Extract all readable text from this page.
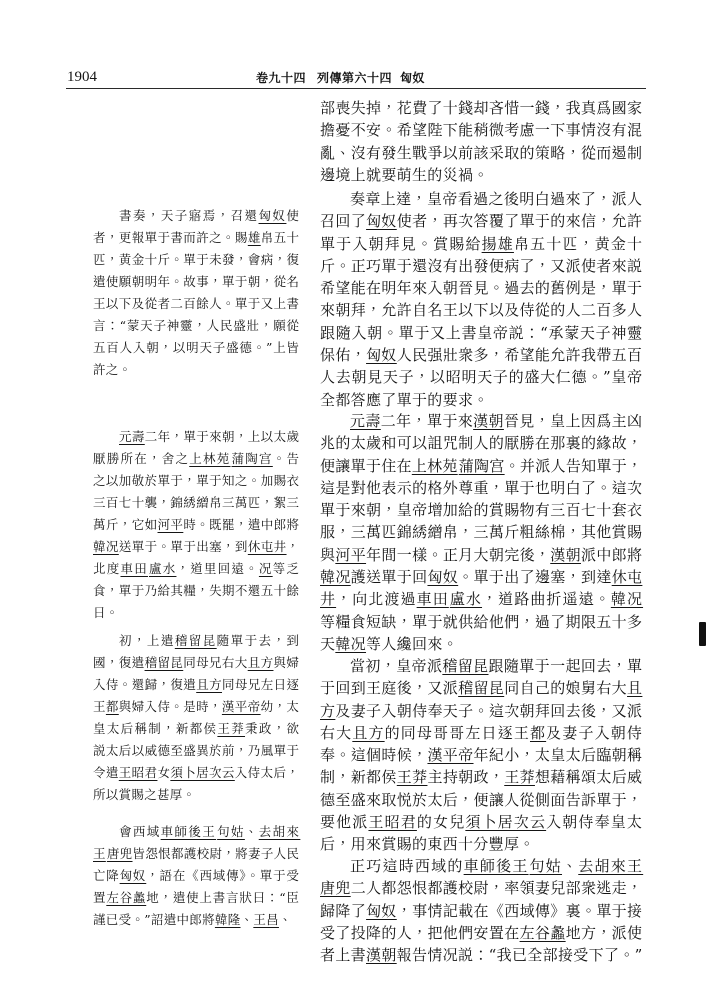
1904	卷九十四 列傳第六十四 匈奴
書奏，天子寤焉，召還匈奴使
者，更報單于書而許之。賜雄帛五十
匹，黄金十斤。單于未發，會病，復
遣使願朝明年。故事，單于朝，從名
王以下及從者二百餘人。單于又上書
言：“蒙天子神靈，人民盛壯，願從
五百人入朝，以明天子盛德。”上皆
許之。
元壽二年，單于來朝，上以太歲
厭勝所在，舍之上林苑蒲陶宫。告
之以加敬於單于，單于知之。加賜衣
三百七十襲，錦綉繒帛三萬匹，絮三
萬斤，它如河平時。既罷，遣中郎將
韓况送單于。單于出塞，到休屯井，
北度車田盧水，道里回遠。况等乏
食，單于乃給其糧，失期不還五十餘
日。
初，上遣稽留昆隨單于去，到
國，復遣稽留昆同母兄右大且方與婦
入侍。還歸，復遣且方同母兄左日逐
王都與婦入侍。是時，漢平帝幼，太
皇太后稱制，新都侯王莽秉政，欲
説太后以威德至盛異於前，乃風單于
令遣王昭君女須卜居次云入侍太后，
所以賞賜之甚厚。
會西域車師後王句姑、去胡來
王唐兜皆怨恨都護校尉，將妻子人民
亡降匈奴，語在《西域傳》。單于受
置左谷蠡地，遣使上書言狀曰：“臣
謹已受。”詔遣中郎將韓隆、王昌、
部喪失掉，花費了十錢却吝惜一錢，我真爲國家
擔憂不安。希望陛下能稍微考慮一下事情沒有混
亂、沒有發生戰爭以前該采取的策略，從而遏制
邊境上就要萌生的災禍。
奏章上達，皇帝看過之後明白過來了，派人
召回了匈奴使者，再次答覆了單于的來信，允許
單于入朝拜見。賞賜給揚雄帛五十匹，黄金十
斤。正巧單于還沒有出發便病了，又派使者來説
希望能在明年來入朝晉見。過去的舊例是，單于
來朝拜，允許自名王以下以及侍從的人二百多人
跟隨入朝。單于又上書皇帝説：“承蒙天子神靈
保佑，匈奴人民强壯衆多，希望能允許我帶五百
人去朝見天子，以昭明天子的盛大仁德。”皇帝
全都答應了單于的要求。
元壽二年，單于來漢朝晉見，皇上因爲主凶
兆的太歲和可以詛咒制人的厭勝在那裏的緣故，
便讓單于住在上林苑蒲陶宫。并派人告知單于，
這是對他表示的格外尊重，單于也明白了。這次
單于來朝，皇帝增加給的賞賜物有三百七十套衣
服，三萬匹錦綉繒帛，三萬斤粗絲棉，其他賞賜
與河平年間一樣。正月大朝完後，漢朝派中郎將
韓况護送單于回匈奴。單于出了邊塞，到達休屯
井，向北渡過車田盧水，道路曲折遥遠。韓况
等糧食短缺，單于就供給他們，過了期限五十多
天韓况等人纔回來。
當初，皇帝派稽留昆跟隨單于一起回去，單
于回到王庭後，又派稽留昆同自己的娘舅右大且
方及妻子入朝侍奉天子。這次朝拜回去後，又派
右大且方的同母哥哥左日逐王都及妻子入朝侍
奉。這個時候，漢平帝年紀小，太皇太后臨朝稱
制，新都侯王莽主持朝政，王莽想藉稱頌太后威
德至盛來取悦於太后，便讓人從側面告訴單于，
要他派王昭君的女兒須卜居次云入朝侍奉皇太
后，用來賞賜的東西十分豐厚。
正巧這時西域的車師後王句姑、去胡來王
唐兜二人都怨恨都護校尉，率領妻兒部衆逃走，
歸降了匈奴，事情記載在《西域傳》裏。單于接
受了投降的人，把他們安置在左谷蠡地方，派使
者上書漢朝報告情况説：“我已全部接受下了。”
